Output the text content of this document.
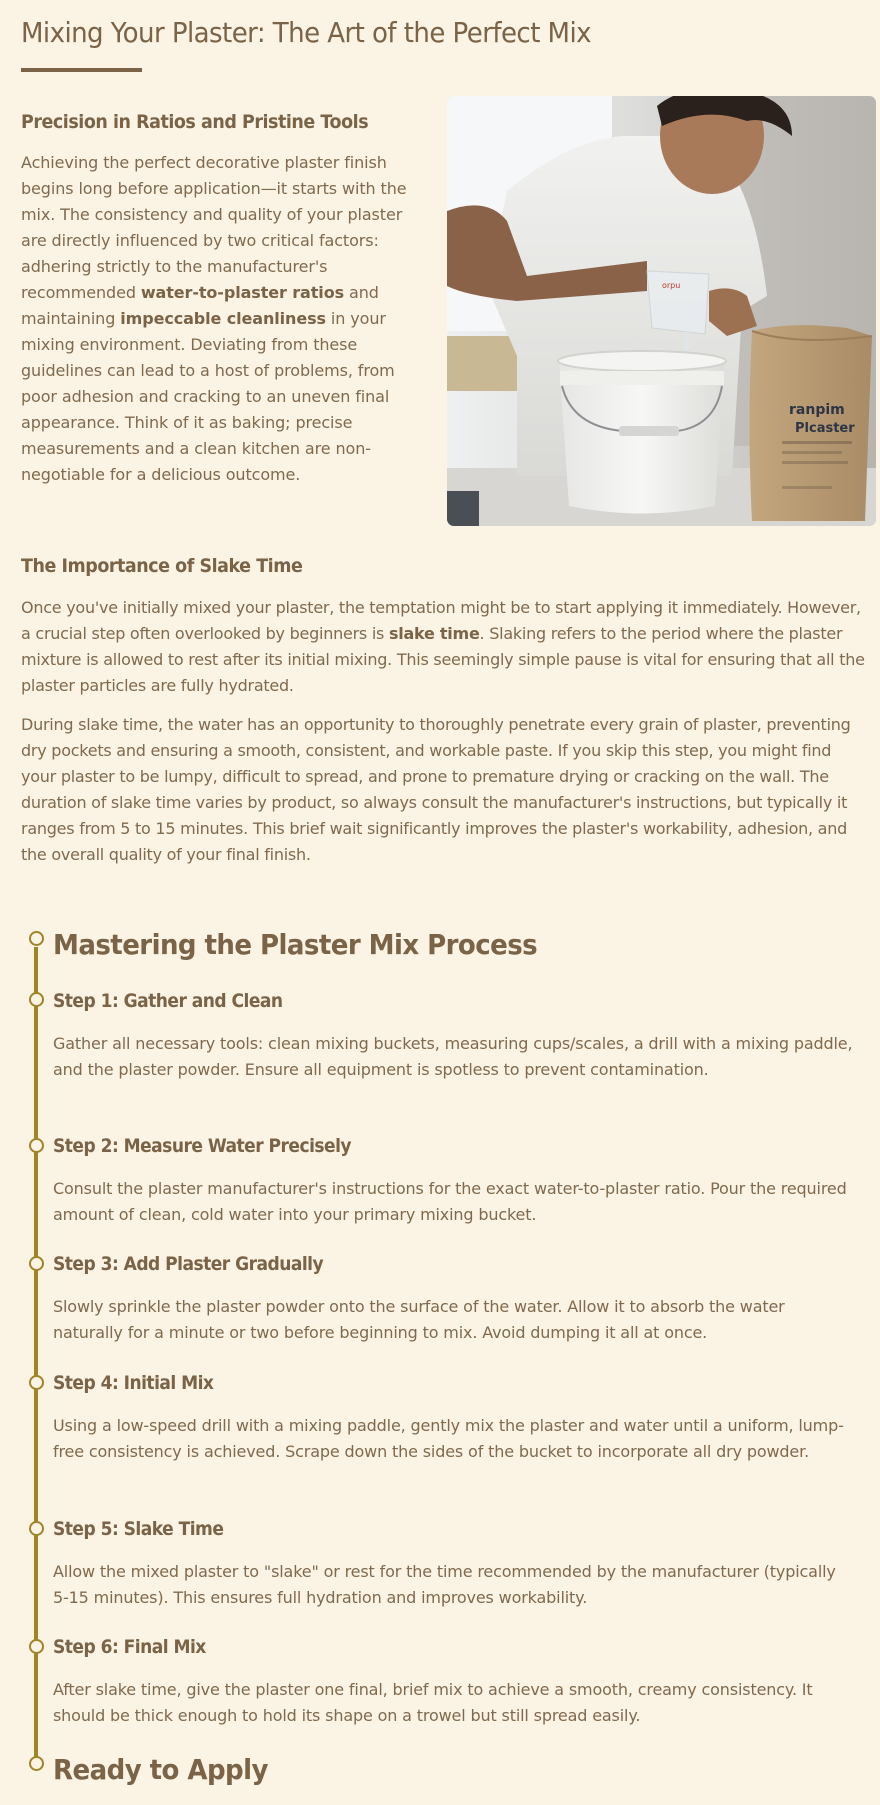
Mixing Your Plaster: The Art of the Perfect Mix
Precision in Ratios and Pristine Tools

Achieving the perfect decorative plaster finish begins long before application—it starts with the mix. The consistency and quality of your plaster are directly influenced by two critical factors: adhering strictly to the manufacturer's recommended water-to-plaster ratios and maintaining impeccable cleanliness in your mixing environment. Deviating from these guidelines can lead to a host of problems, from poor adhesion and cracking to an uneven final appearance. Think of it as baking; precise measurements and a clean kitchen are non-negotiable for a delicious outcome.

orpu
ranpim
Plcaster
The Importance of Slake Time

Once you've initially mixed your plaster, the temptation might be to start applying it immediately. However, a crucial step often overlooked by beginners is slake time. Slaking refers to the period where the plaster mixture is allowed to rest after its initial mixing. This seemingly simple pause is vital for ensuring that all the plaster particles are fully hydrated.

During slake time, the water has an opportunity to thoroughly penetrate every grain of plaster, preventing dry pockets and ensuring a smooth, consistent, and workable paste. If you skip this step, you might find your plaster to be lumpy, difficult to spread, and prone to premature drying or cracking on the wall. The duration of slake time varies by product, so always consult the manufacturer's instructions, but typically it ranges from 5 to 15 minutes. This brief wait significantly improves the plaster's workability, adhesion, and the overall quality of your final finish.

Mastering the Plaster Mix Process
Step 1: Gather and Clean

Gather all necessary tools: clean mixing buckets, measuring cups/scales, a drill with a mixing paddle, and the plaster powder. Ensure all equipment is spotless to prevent contamination.

Step 2: Measure Water Precisely

Consult the plaster manufacturer's instructions for the exact water-to-plaster ratio. Pour the required amount of clean, cold water into your primary mixing bucket.

Step 3: Add Plaster Gradually

Slowly sprinkle the plaster powder onto the surface of the water. Allow it to absorb the water naturally for a minute or two before beginning to mix. Avoid dumping it all at once.

Step 4: Initial Mix

Using a low-speed drill with a mixing paddle, gently mix the plaster and water until a uniform, lump-free consistency is achieved. Scrape down the sides of the bucket to incorporate all dry powder.

Step 5: Slake Time

Allow the mixed plaster to "slake" or rest for the time recommended by the manufacturer (typically 5-15 minutes). This ensures full hydration and improves workability.

Step 6: Final Mix

After slake time, give the plaster one final, brief mix to achieve a smooth, creamy consistency. It should be thick enough to hold its shape on a trowel but still spread easily.

Ready to Apply
